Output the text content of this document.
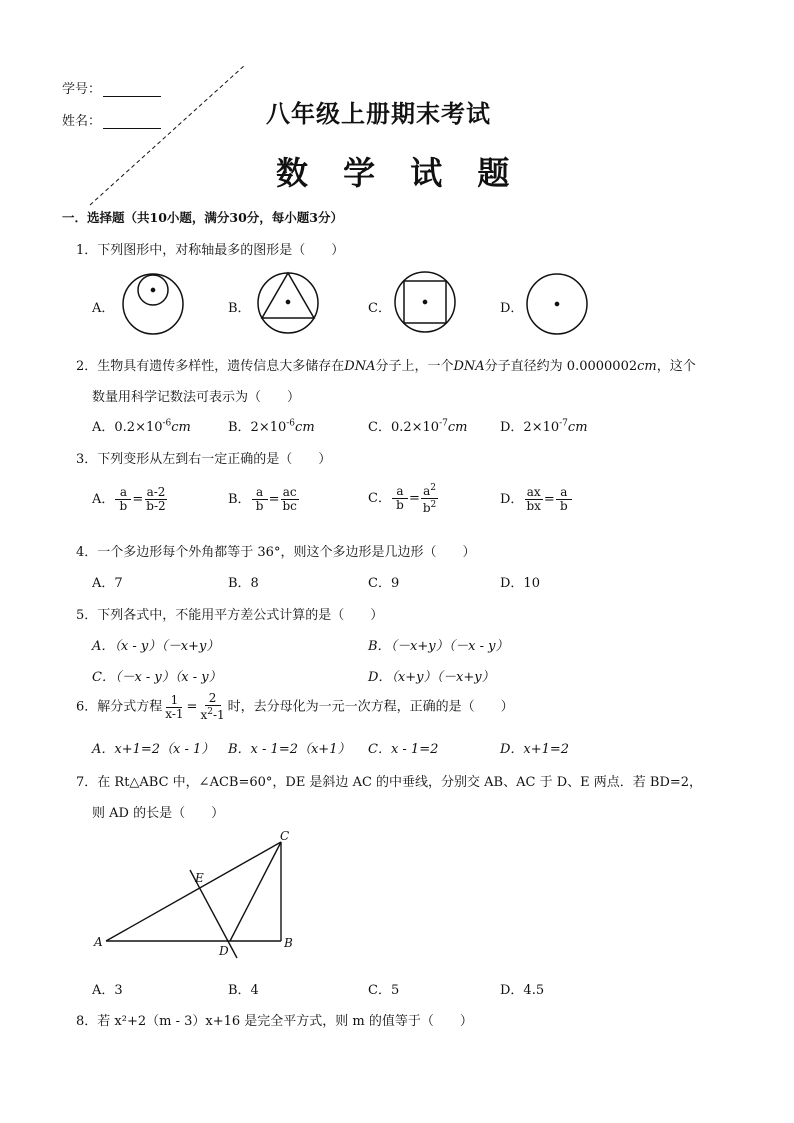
学号：
姓名：	八年级上册期末考试
数 学 试 题
一．选择题（共10小题，满分30分，每小题3分）
1．下列图形中，对称轴最多的图形是（　　）
A．	B．	C．	D．
2．生物具有遗传多样性，遗传信息大多储存在DNA分子上，一个DNA分子直径约为 0.0000002cm，这个
数量用科学记数法可表示为（　　）
A．$0.2\times 10^{-6}cm$	B．$2\times 10^{-6}cm$	C．$0.2\times 10^{-7}cm$	D．$2\times 10^{-7}cm$
3．下列变形从左到右一定正确的是（　　）
A． $\frac{a}{b} = \frac{a-2}{b-2}$	B． $\frac{a}{b} = \frac{ac}{bc}$	C． $\frac{a}{b} = \frac{a^2}{b^2}$	D． $\frac{ax}{bx} = \frac{a}{b}$
4．一个多边形每个外角都等于 36°，则这个多边形是几边形（　　）
A．7	B．8	C．9	D．10
5．下列各式中，不能用平方差公式计算的是（　　）
A．（x - y）（－x+y）	B．（－x+y）（－x - y）
C．（－x - y）（x - y）	D．（x+y）（－x+y）
6．解分式方程 $\frac{1}{x-1} = \frac{2}{x^2-1}$ 时，去分母化为一元一次方程，正确的是（　　）
A．x+1=2（x - 1） B．x - 1=2（x+1） C．x - 1=2	D．x+1=2
7．在 Rt△ABC 中，∠ACB=60°，DE 是斜边 AC 的中垂线，分别交 AB、AC 于 D、E 两点．若 BD=2，
则 AD 的长是（　　）
A	B
C
D
E
A．3	B．4	C．5	D．4.5
8．若 x²+2（m - 3）x+16 是完全平方式，则 m 的值等于（　　）
